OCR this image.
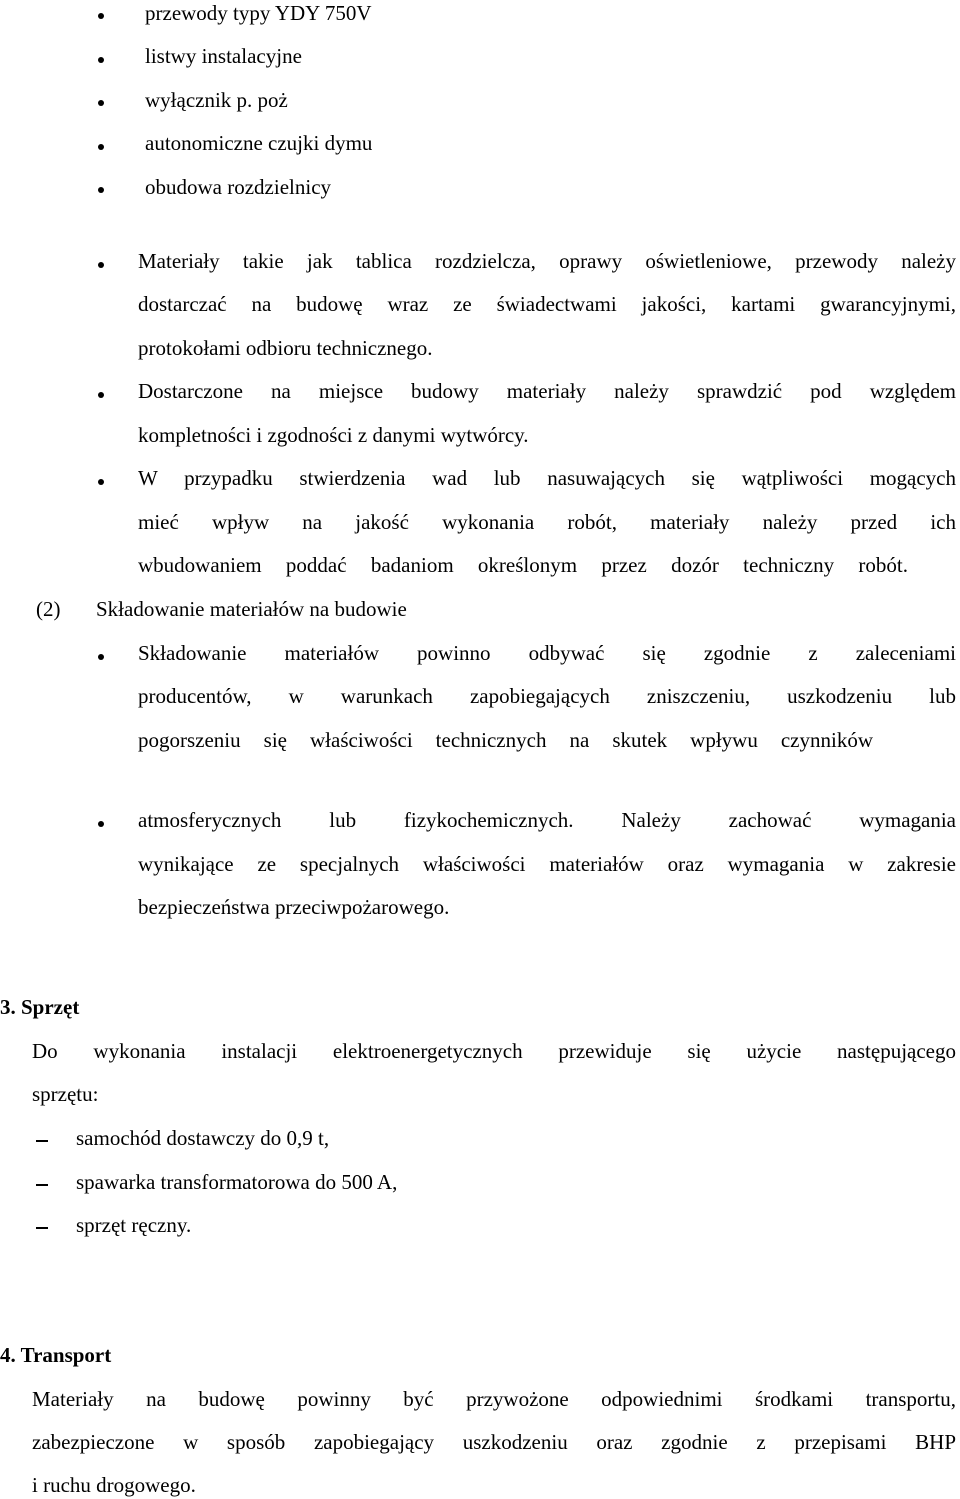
przewody typy YDY 750V
listwy instalacyjne
wyłącznik p. poż
autonomiczne czujki dymu
obudowa rozdzielnicy
Materiały takie jak tablica rozdzielcza, oprawy oświetleniowe, przewody należy
dostarczać na budowę wraz ze świadectwami jakości, kartami gwarancyjnymi,
protokołami odbioru technicznego.
Dostarczone na miejsce budowy materiały należy sprawdzić pod względem
kompletności i zgodności z danymi wytwórcy.
W przypadku stwierdzenia wad lub nasuwających się wątpliwości mogących
mieć wpływ na jakość wykonania robót, materiały należy przed ich
wbudowaniem poddać badaniom określonym przez dozór techniczny robót.
(2) Składowanie materiałów na budowie
Składowanie materiałów powinno odbywać się zgodnie z zaleceniami
producentów, w warunkach zapobiegających zniszczeniu, uszkodzeniu lub
pogorszeniu się właściwości technicznych na skutek wpływu czynników
atmosferycznych lub fizykochemicznych. Należy zachować wymagania
wynikające ze specjalnych właściwości materiałów oraz wymagania w zakresie
bezpieczeństwa przeciwpożarowego.
3. Sprzęt
Do wykonania instalacji elektroenergetycznych przewiduje się użycie następującego
sprzętu:
samochód dostawczy do 0,9 t,
spawarka transformatorowa do 500 A,
sprzęt ręczny.
4. Transport
Materiały na budowę powinny być przywożone odpowiednimi środkami transportu,
zabezpieczone w sposób zapobiegający uszkodzeniu oraz zgodnie z przepisami BHP
i ruchu drogowego.
